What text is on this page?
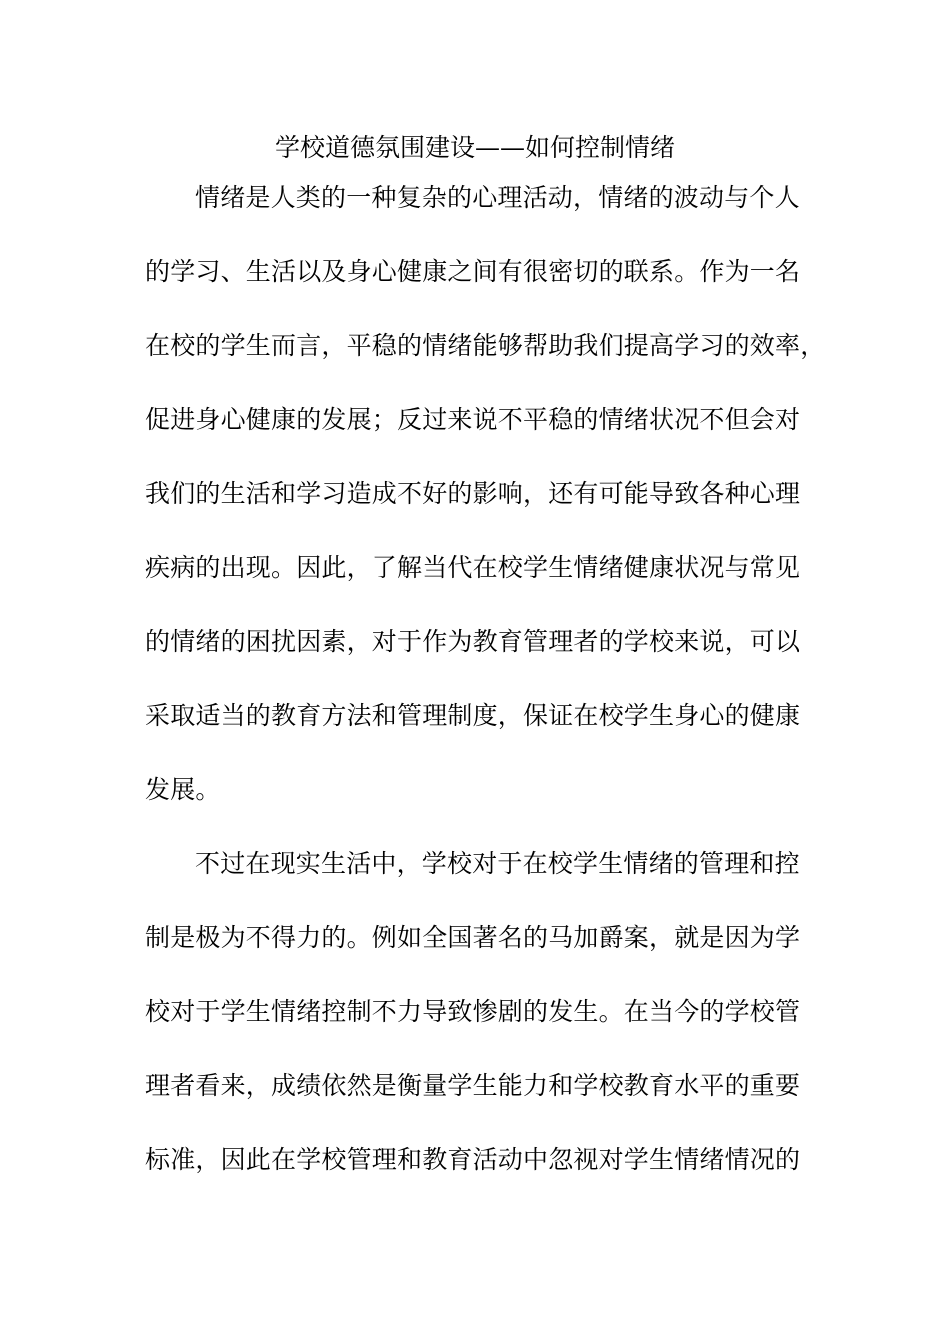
学校道德氛围建设——如何控制情绪
情绪是人类的一种复杂的心理活动，情绪的波动与个人
的学习、生活以及身心健康之间有很密切的联系。作为一名
在校的学生而言，平稳的情绪能够帮助我们提高学习的效率，
促进身心健康的发展；反过来说不平稳的情绪状况不但会对
我们的生活和学习造成不好的影响，还有可能导致各种心理
疾病的出现。因此，了解当代在校学生情绪健康状况与常见
的情绪的困扰因素，对于作为教育管理者的学校来说，可以
采取适当的教育方法和管理制度，保证在校学生身心的健康
发展。
不过在现实生活中，学校对于在校学生情绪的管理和控
制是极为不得力的。例如全国著名的马加爵案，就是因为学
校对于学生情绪控制不力导致惨剧的发生。在当今的学校管
理者看来，成绩依然是衡量学生能力和学校教育水平的重要
标准，因此在学校管理和教育活动中忽视对学生情绪情况的
